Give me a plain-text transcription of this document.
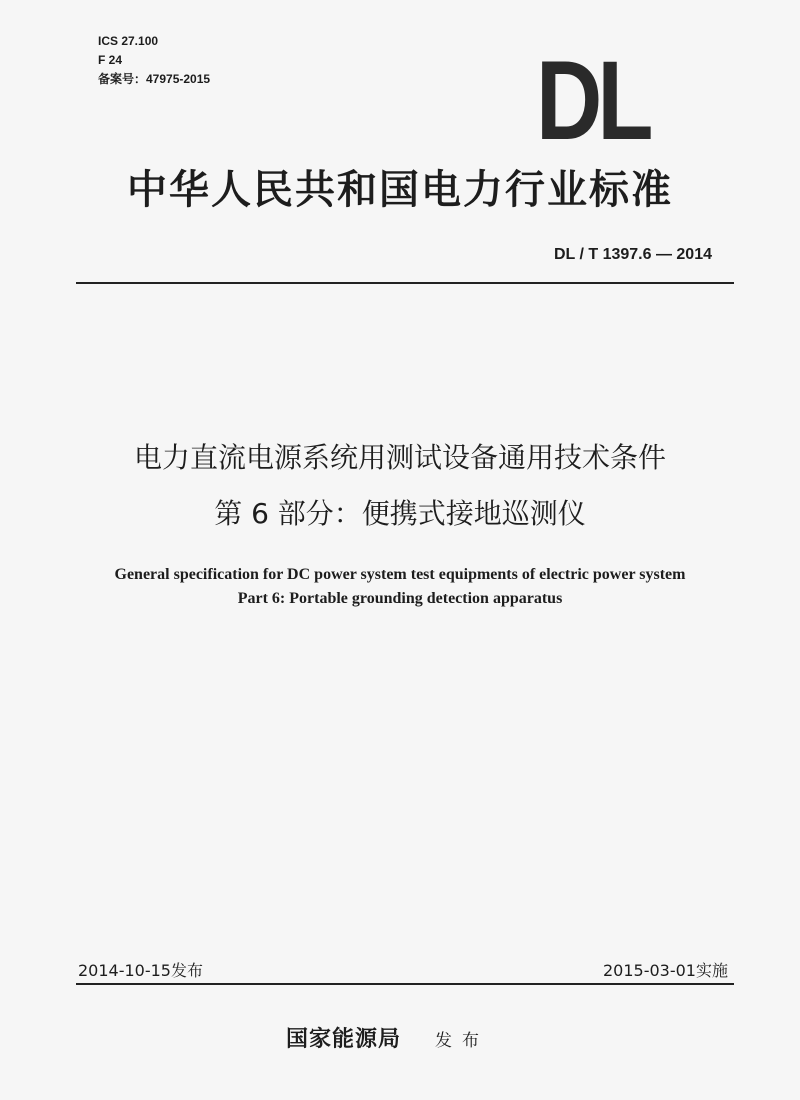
ICS 27.100
F 24
备案号：47975-2015	DL
中华人民共和国电力行业标准
DL / T 1397.6 — 2014
电力直流电源系统用测试设备通用技术条件
第 6 部分：便携式接地巡测仪
General specification for DC power system test equipments of electric power system
Part 6: Portable grounding detection apparatus
2014-10-15发布	2015-03-01实施
国家能源局 发布
